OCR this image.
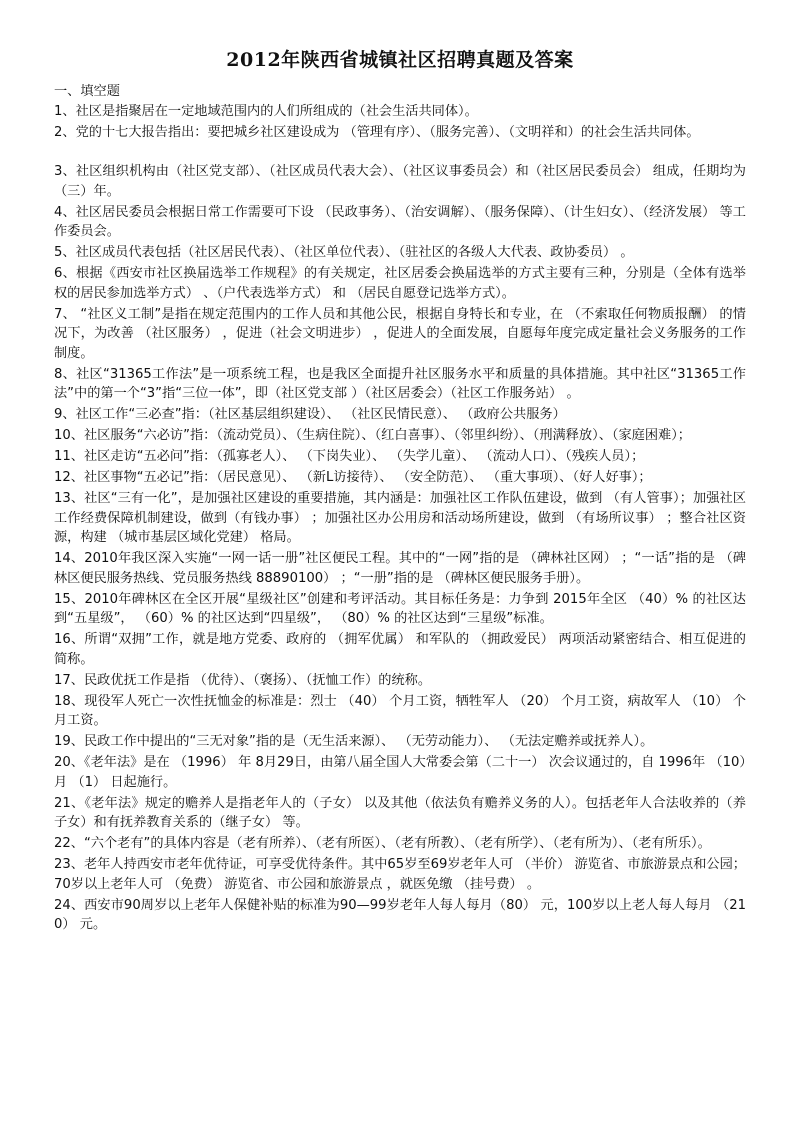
2012年陕西省城镇社区招聘真题及答案

一、填空题

1、社区是指聚居在一定地域范围内的人们所组成的（社会生活共同体）。

2、党的十七大报告指出：要把城乡社区建设成为 （管理有序）、（服务完善）、（文明祥和）的社会生活共同体。

3、社区组织机构由（社区党支部）、（社区成员代表大会）、（社区议事委员会）和（社区居民委员会） 组成，任期均为（三）年。

4、社区居民委员会根据日常工作需要可下设 （民政事务）、（治安调解）、（服务保障）、（计生妇女）、（经济发展） 等工作委员会。

5、社区成员代表包括（社区居民代表）、（社区单位代表）、（驻社区的各级人大代表、政协委员） 。

6、根据《西安市社区换届选举工作规程》的有关规定，社区居委会换届选举的方式主要有三种，分别是（全体有选举权的居民参加选举方式） 、（户代表选举方式） 和 （居民自愿登记选举方式）。

7、 “社区义工制”是指在规定范围内的工作人员和其他公民，根据自身特长和专业，在 （不索取任何物质报酬） 的情况下，为改善 （社区服务） ，促进（社会文明进步） ，促进人的全面发展，自愿每年度完成定量社会义务服务的工作制度。

8、社区“31365工作法”是一项系统工程，也是我区全面提升社区服务水平和质量的具体措施。其中社区“31365工作法”中的第一个“3”指“三位一体”，即（社区党支部 ）（社区居委会）（社区工作服务站） 。

9、社区工作“三必查”指：（社区基层组织建设）、 （社区民情民意）、 （政府公共服务）

10、社区服务“六必访”指：（流动党员）、（生病住院）、（红白喜事）、（邻里纠纷）、（刑满释放）、（家庭困难）；

11、社区走访“五必问”指：（孤寡老人）、 （下岗失业）、 （失学儿童）、 （流动人口）、（残疾人员）；

12、社区事物“五必记”指：（居民意见）、 （新L访接待）、 （安全防范）、 （重大事项）、（好人好事）；

13、社区“三有一化”，是加强社区建设的重要措施，其内涵是：加强社区工作队伍建设，做到 （有人管事）；加强社区工作经费保障机制建设，做到（有钱办事） ；加强社区办公用房和活动场所建设，做到 （有场所议事） ；整合社区资源，构建 （城市基层区域化党建） 格局。

14、2010年我区深入实施“一网一话一册”社区便民工程。其中的“一网”指的是 （碑林社区网） ；“一话”指的是 （碑林区便民服务热线、党员服务热线 88890100） ；“一册”指的是 （碑林区便民服务手册）。

15、2010年碑林区在全区开展“星级社区”创建和考评活动。其目标任务是：力争到 2015年全区 （40）% 的社区达到“五星级”， （60）% 的社区达到“四星级”， （80）% 的社区达到“三星级”标准。

16、所谓“双拥”工作，就是地方党委、政府的 （拥军优属） 和军队的 （拥政爱民） 两项活动紧密结合、相互促进的简称。

17、民政优抚工作是指 （优待）、（褒扬）、（抚恤工作）的统称。

18、现役军人死亡一次性抚恤金的标准是：烈士 （40） 个月工资，牺牲军人 （20） 个月工资，病故军人 （10） 个月工资。

19、民政工作中提出的“三无对象”指的是（无生活来源）、 （无劳动能力）、 （无法定赡养或抚养人）。

20、《老年法》是在 （1996） 年 8月29日，由第八届全国人大常委会第（二十一） 次会议通过的，自 1996年 （10）月 （1） 日起施行。

21、《老年法》规定的赡养人是指老年人的（子女） 以及其他（依法负有赡养义务的人）。包括老年人合法收养的（养子女）和有抚养教育关系的（继子女） 等。

22、“六个老有”的具体内容是（老有所养）、（老有所医）、（老有所教）、（老有所学）、（老有所为）、（老有所乐）。

23、老年人持西安市老年优待证，可享受优待条件。其中65岁至69岁老年人可 （半价） 游览省、市旅游景点和公园；70岁以上老年人可 （免费） 游览省、市公园和旅游景点 ，就医免缴 （挂号费） 。

24、西安市90周岁以上老年人保健补贴的标准为90—99岁老年人每人每月（80） 元，100岁以上老人每人每月 （210） 元。
